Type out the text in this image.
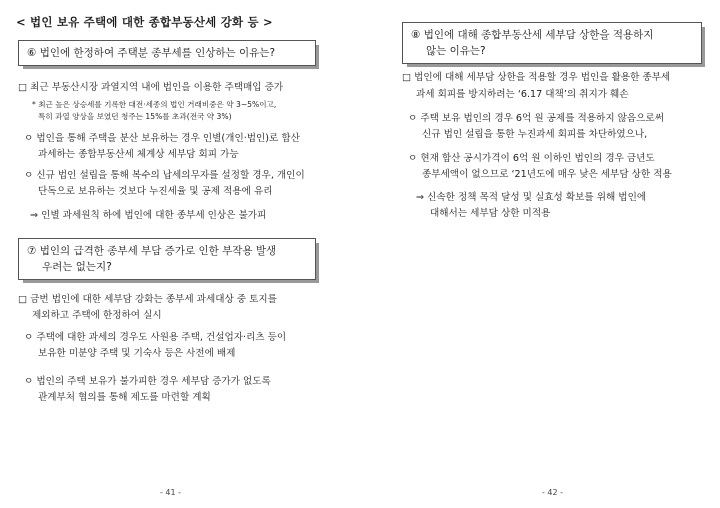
< 법인 보유 주택에 대한 종합부동산세 강화 등 >
⑥ 법인에 한정하여 주택분 종부세를 인상하는 이유는?
□ 최근 부동산시장 과열지역 내에 법인을 이용한 주택매입 증가
* 최근 높은 상승세를 기록한 대전·세종의 법인 거래비중은 약 3~5%이고,
특히 과열 양상을 보였던 청주는 15%를 초과(전국 약 3%)
ㅇ 법인을 통해 주택을 분산 보유하는 경우 인별(개인·법인)로 합산
과세하는 종합부동산세 체계상 세부담 회피 가능
ㅇ 신규 법인 설립을 통해 복수의 납세의무자를 설정할 경우, 개인이
단독으로 보유하는 것보다 누진세율 및 공제 적용에 유리
⇒ 인별 과세원칙 하에 법인에 대한 종부세 인상은 불가피
⑦ 법인의 급격한 종부세 부담 증가로 인한 부작용 발생
우려는 없는지?
□ 금번 법인에 대한 세부담 강화는 종부세 과세대상 중 토지를
제외하고 주택에 한정하여 실시
ㅇ 주택에 대한 과세의 경우도 사원용 주택, 건설업자·리츠 등이
보유한 미분양 주택 및 기숙사 등은 사전에 배제
ㅇ 법인의 주택 보유가 불가피한 경우 세부담 증가가 없도록
관계부처 협의를 통해 제도를 마련할 계획
- 41 -
⑧ 법인에 대해 종합부동산세 세부담 상한을 적용하지
않는 이유는?
□ 법인에 대해 세부담 상한을 적용할 경우 법인을 활용한 종부세
과세 회피를 방지하려는 ‘6.17 대책’의 취지가 훼손
ㅇ 주택 보유 법인의 경우 6억 원 공제를 적용하지 않음으로써
신규 법인 설립을 통한 누진과세 회피를 차단하였으나,
ㅇ 현재 합산 공시가격이 6억 원 이하인 법인의 경우 금년도
종부세액이 없으므로 ‘21년도에 매우 낮은 세부담 상한 적용
⇒ 신속한 정책 목적 달성 및 실효성 확보를 위해 법인에
대해서는 세부담 상한 미적용
- 42 -
